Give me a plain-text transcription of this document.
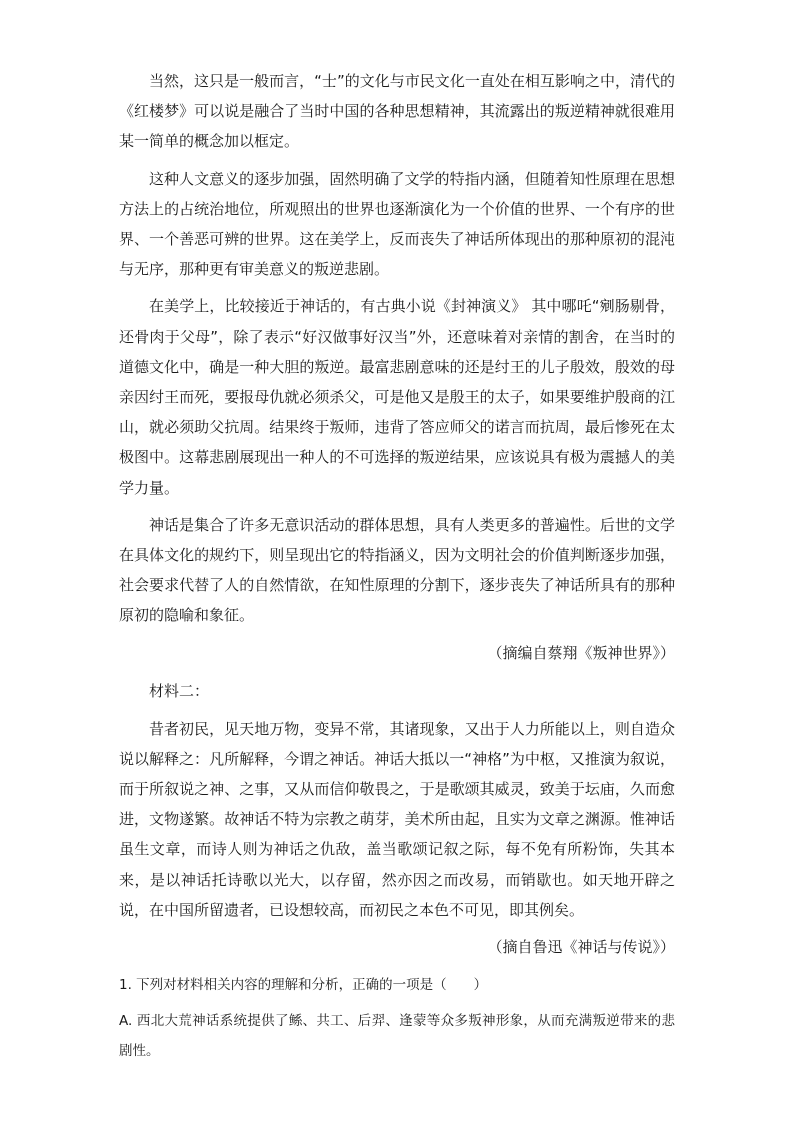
当然，这只是一般而言，“士”的文化与市民文化一直处在相互影响之中，清代的《红楼梦》可以说是融合了当时中国的各种思想精神，其流露出的叛逆精神就很难用某一简单的概念加以框定。

这种人文意义的逐步加强，固然明确了文学的特指内涵，但随着知性原理在思想方法上的占统治地位，所观照出的世界也逐渐演化为一个价值的世界、一个有序的世界、一个善恶可辨的世界。这在美学上，反而丧失了神话所体现出的那种原初的混沌与无序，那种更有审美意义的叛逆悲剧。

在美学上，比较接近于神话的，有古典小说《封神演义》 其中哪吒“剜肠剔骨，还骨肉于父母”，除了表示“好汉做事好汉当”外，还意味着对亲情的割舍，在当时的道德文化中，确是一种大胆的叛逆。最富悲剧意味的还是纣王的儿子殷效，殷效的母亲因纣王而死，要报母仇就必须杀父，可是他又是殷王的太子，如果要维护殷商的江山，就必须助父抗周。结果终于叛师，违背了答应师父的诺言而抗周，最后惨死在太极图中。这幕悲剧展现出一种人的不可选择的叛逆结果，应该说具有极为震撼人的美学力量。

神话是集合了许多无意识活动的群体思想，具有人类更多的普遍性。后世的文学在具体文化的规约下，则呈现出它的特指涵义，因为文明社会的价值判断逐步加强，社会要求代替了人的自然情欲，在知性原理的分割下，逐步丧失了神话所具有的那种原初的隐喻和象征。

（摘编自蔡翔《叛神世界》）

材料二：

昔者初民，见天地万物，变异不常，其诸现象，又出于人力所能以上，则自造众说以解释之：凡所解释，今谓之神话。神话大抵以一“神格”为中枢，又推演为叙说，而于所叙说之神、之事，又从而信仰敬畏之，于是歌颂其威灵，致美于坛庙，久而愈进，文物遂繁。故神话不特为宗教之萌芽，美术所由起，且实为文章之渊源。惟神话虽生文章，而诗人则为神话之仇敌，盖当歌颂记叙之际，每不免有所粉饰，失其本来，是以神话托诗歌以光大，以存留，然亦因之而改易，而销歇也。如天地开辟之说，在中国所留遗者，已设想较高，而初民之本色不可见，即其例矣。

（摘自鲁迅《神话与传说》）

1. 下列对材料相关内容的理解和分析，正确的一项是（　　）

A. 西北大荒神话系统提供了鲧、共工、后羿、逢蒙等众多叛神形象，从而充满叛逆带来的悲剧性。
